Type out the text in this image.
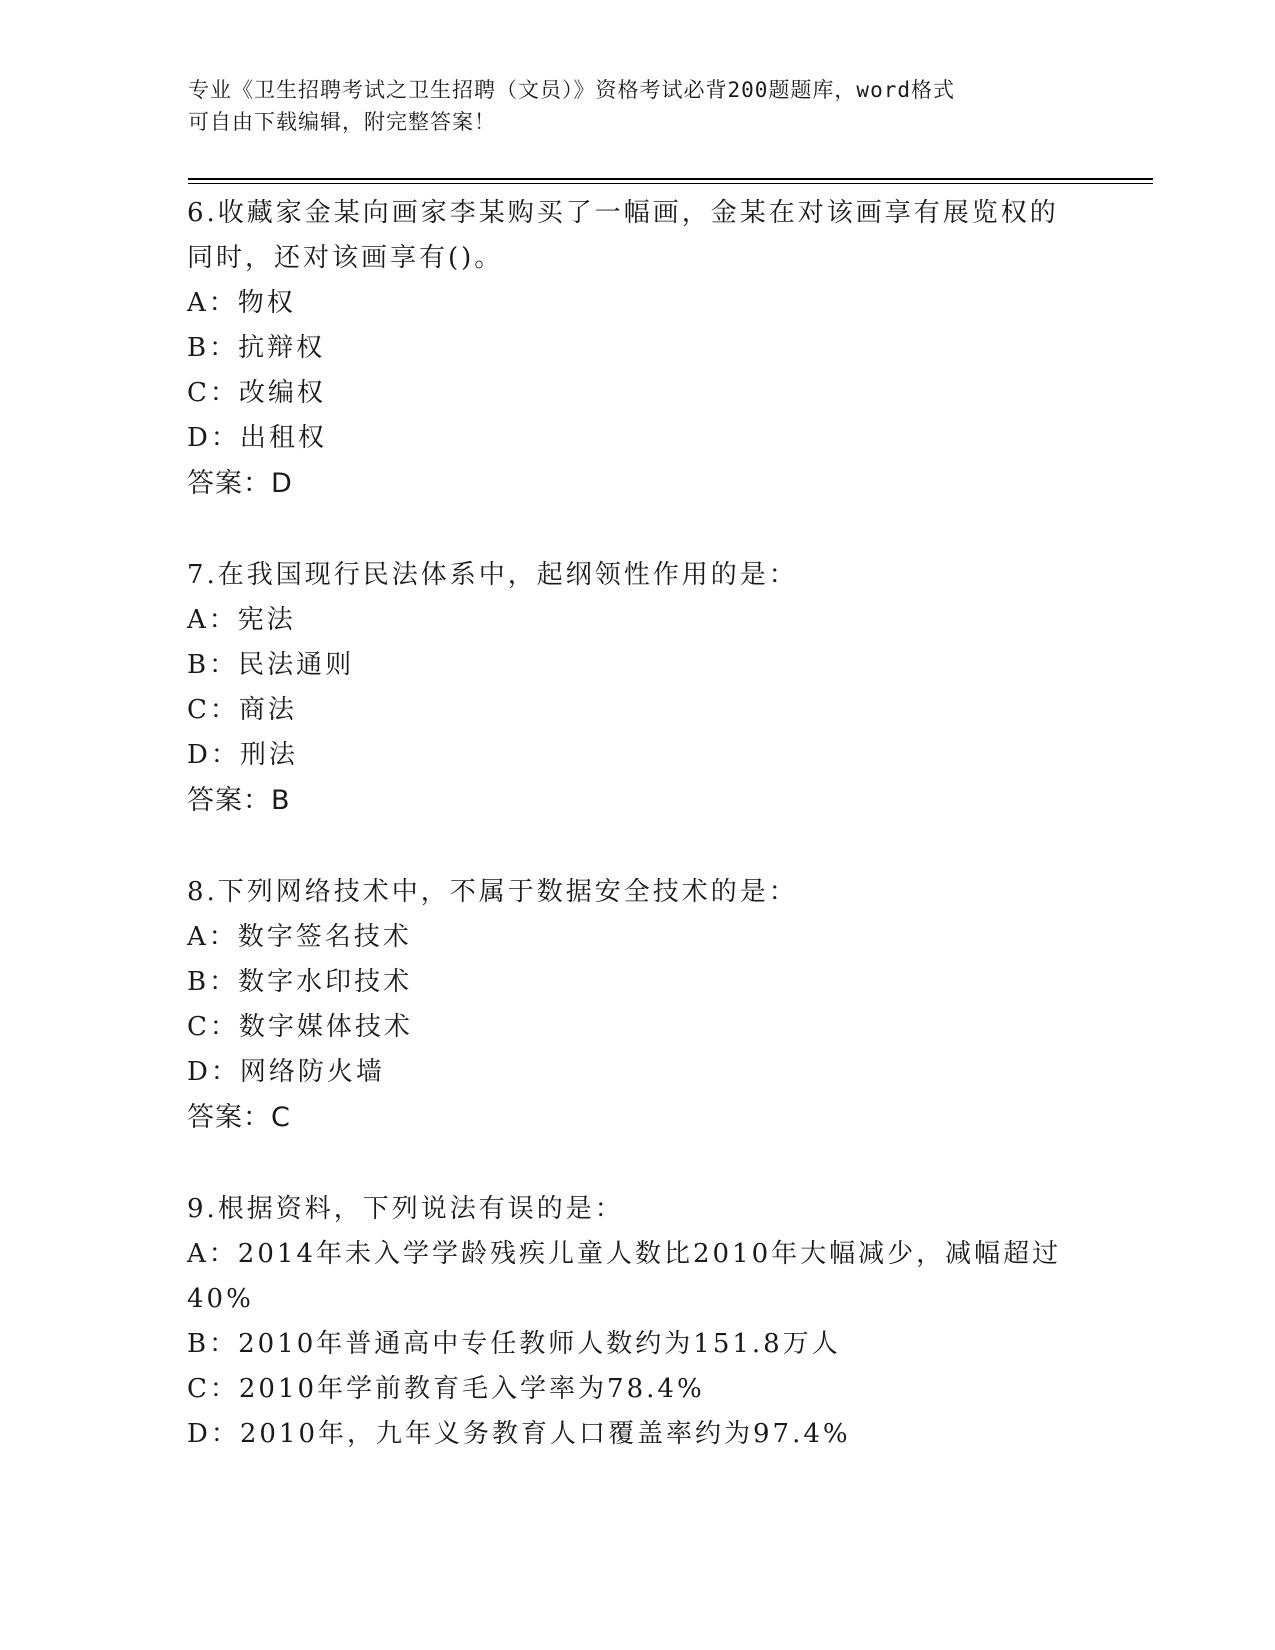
专业《卫生招聘考试之卫生招聘（文员）》资格考试必背200题题库，word格式
可自由下载编辑，附完整答案！

6.收藏家金某向画家李某购买了一幅画，金某在对该画享有展览权的

同时，还对该画享有()。

A：物权

B：抗辩权

C：改编权

D：出租权

答案：D

7.在我国现行民法体系中，起纲领性作用的是：

A：宪法

B：民法通则

C：商法

D：刑法

答案：B

8.下列网络技术中，不属于数据安全技术的是：

A：数字签名技术

B：数字水印技术

C：数字媒体技术

D：网络防火墙

答案：C

9.根据资料，下列说法有误的是：

A：2014年未入学学龄残疾儿童人数比2010年大幅减少，减幅超过

40%

B：2010年普通高中专任教师人数约为151.8万人

C：2010年学前教育毛入学率为78.4%

D：2010年，九年义务教育人口覆盖率约为97.4%
